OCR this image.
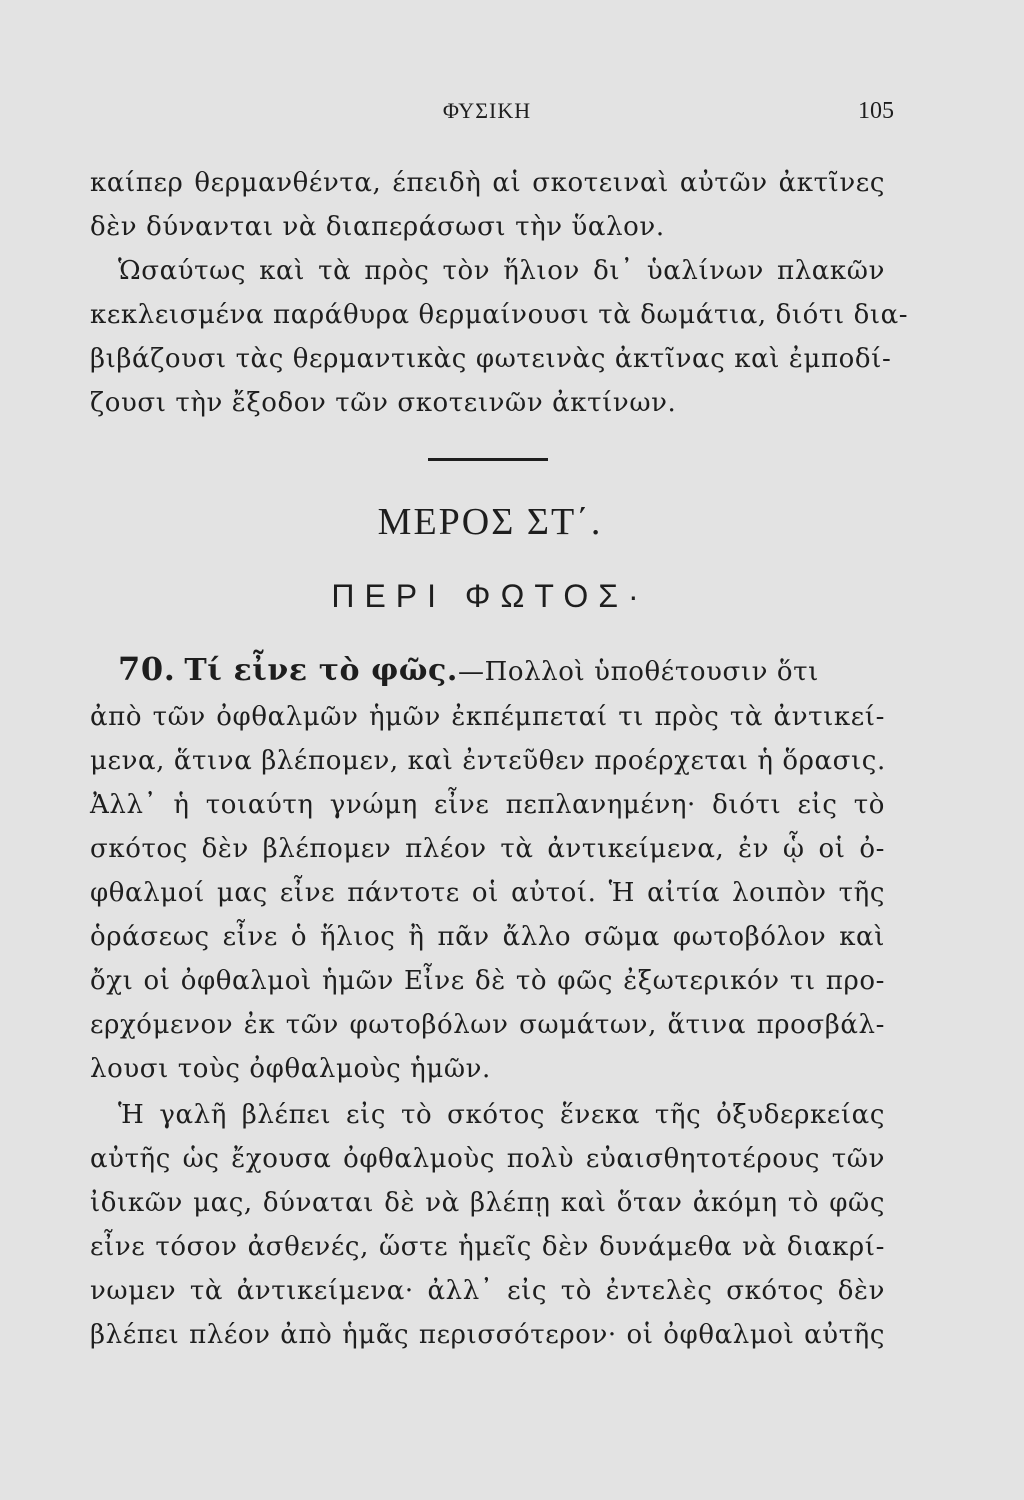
ΦΥΣΙΚΗ	105
καίπερ θερμανθέντα, έπειδὴ αἱ σκοτειναὶ αὐτῶν ἀκτῖνες
δὲν δύνανται νὰ διαπεράσωσι τὴν ὕαλον.
Ὡσαύτως καὶ τὰ πρὸς τὸν ἥλιον δι᾽ ὑαλίνων πλακῶν
κεκλεισμένα παράθυρα θερμαίνουσι τὰ δωμάτια, διότι δια-
βιβάζουσι τὰς θερμαντικὰς φωτεινὰς ἀκτῖνας καὶ ἐμποδί-
ζουσι τὴν ἔξοδον τῶν σκοτεινῶν ἀκτίνων.
ΜΕΡΟΣ ΣΤ΄.
ΠΕΡΙ ΦΩΤΟΣ·
70. Τί εἶνε τὸ φῶς.—Πολλοὶ ὑποθέτουσιν ὅτι
ἀπὸ τῶν ὀφθαλμῶν ἡμῶν ἐκπέμπεταί τι πρὸς τὰ ἀντικεί-
μενα, ἅτινα βλέπομεν, καὶ ἐντεῦθεν προέρχεται ἡ ὅρασις.
Ἀλλ᾽ ἡ τοιαύτη γνώμη εἶνε πεπλανημένη· διότι εἰς τὸ
σκότος δὲν βλέπομεν πλέον τὰ ἀντικείμενα, ἐν ᾧ οἱ ὀ-
φθαλμοί μας εἶνε πάντοτε οἱ αὐτοί. Ἡ αἰτία λοιπὸν τῆς
ὁράσεως εἶνε ὁ ἥλιος ἢ πᾶν ἄλλο σῶμα φωτοβόλον καὶ
ὄχι οἱ ὀφθαλμοὶ ἡμῶν Εἶνε δὲ τὸ φῶς ἐξωτερικόν τι προ-
ερχόμενον ἐκ τῶν φωτοβόλων σωμάτων, ἅτινα προσβάλ-
λουσι τοὺς ὀφθαλμοὺς ἡμῶν.
Ἡ γαλῆ βλέπει εἰς τὸ σκότος ἕνεκα τῆς ὀξυδερκείας
αὐτῆς ὡς ἔχουσα ὀφθαλμοὺς πολὺ εὐαισθητοτέρους τῶν
ἰδικῶν μας, δύναται δὲ νὰ βλέπῃ καὶ ὅταν ἀκόμη τὸ φῶς
εἶνε τόσον ἀσθενές, ὥστε ἡμεῖς δὲν δυνάμεθα νὰ διακρί-
νωμεν τὰ ἀντικείμενα· ἀλλ᾽ εἰς τὸ ἐντελὲς σκότος δὲν
βλέπει πλέον ἀπὸ ἡμᾶς περισσότερον· οἱ ὀφθαλμοὶ αὐτῆς
